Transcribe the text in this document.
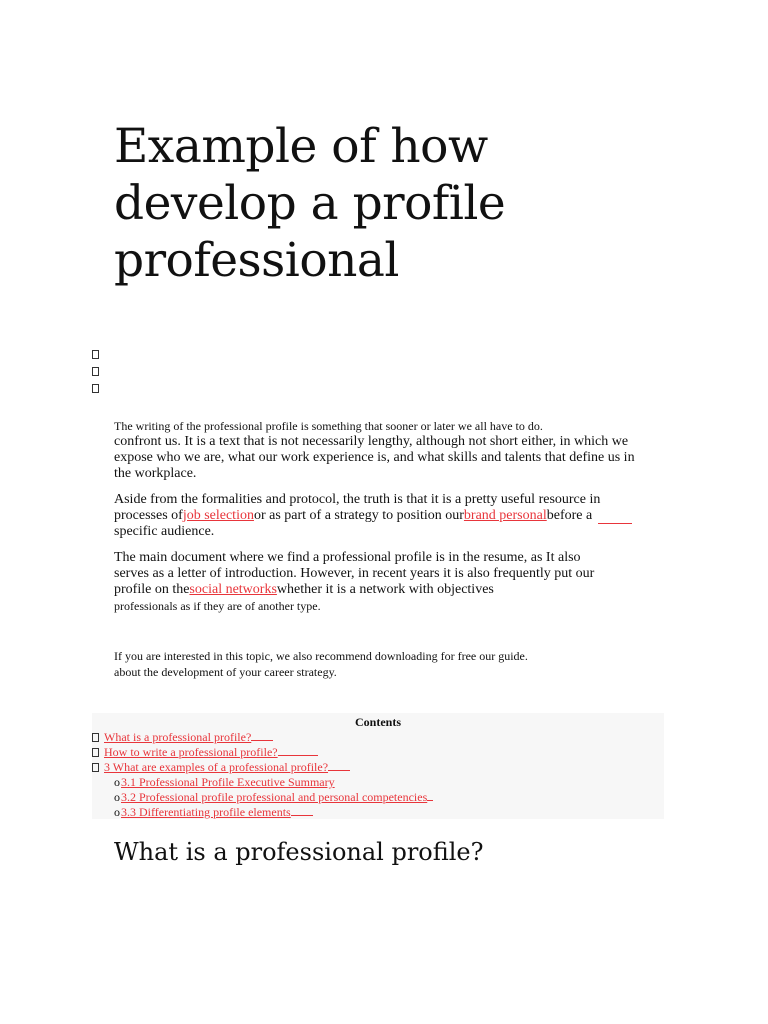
Example of how develop a profile professional

The writing of the professional profile is something that sooner or later we all have to do.
confront us. It is a text that is not necessarily lengthy, although not short either, in which we expose who we are, what our work experience is, and what skills and talents that define us in the workplace.

Aside from the formalities and protocol, the truth is that it is a pretty useful resource in processes ofjob selectionor as part of a strategy to position ourbrand personalbefore a specific audience.

The main document where we find a professional profile is in the resume, as It also serves as a letter of introduction. However, in recent years it is also frequently put our profile on thesocial networkswhether it is a network with objectives
professionals as if they are of another type.

If you are interested in this topic, we also recommend downloading for free our guide.
about the development of your career strategy.

Contents
What is a professional profile?
How to write a professional profile?
3 What are examples of a professional profile?
o3.1 Professional Profile Executive Summary
o3.2 Professional profile professional and personal competencies
o3.3 Differentiating profile elements
What is a professional profile?
